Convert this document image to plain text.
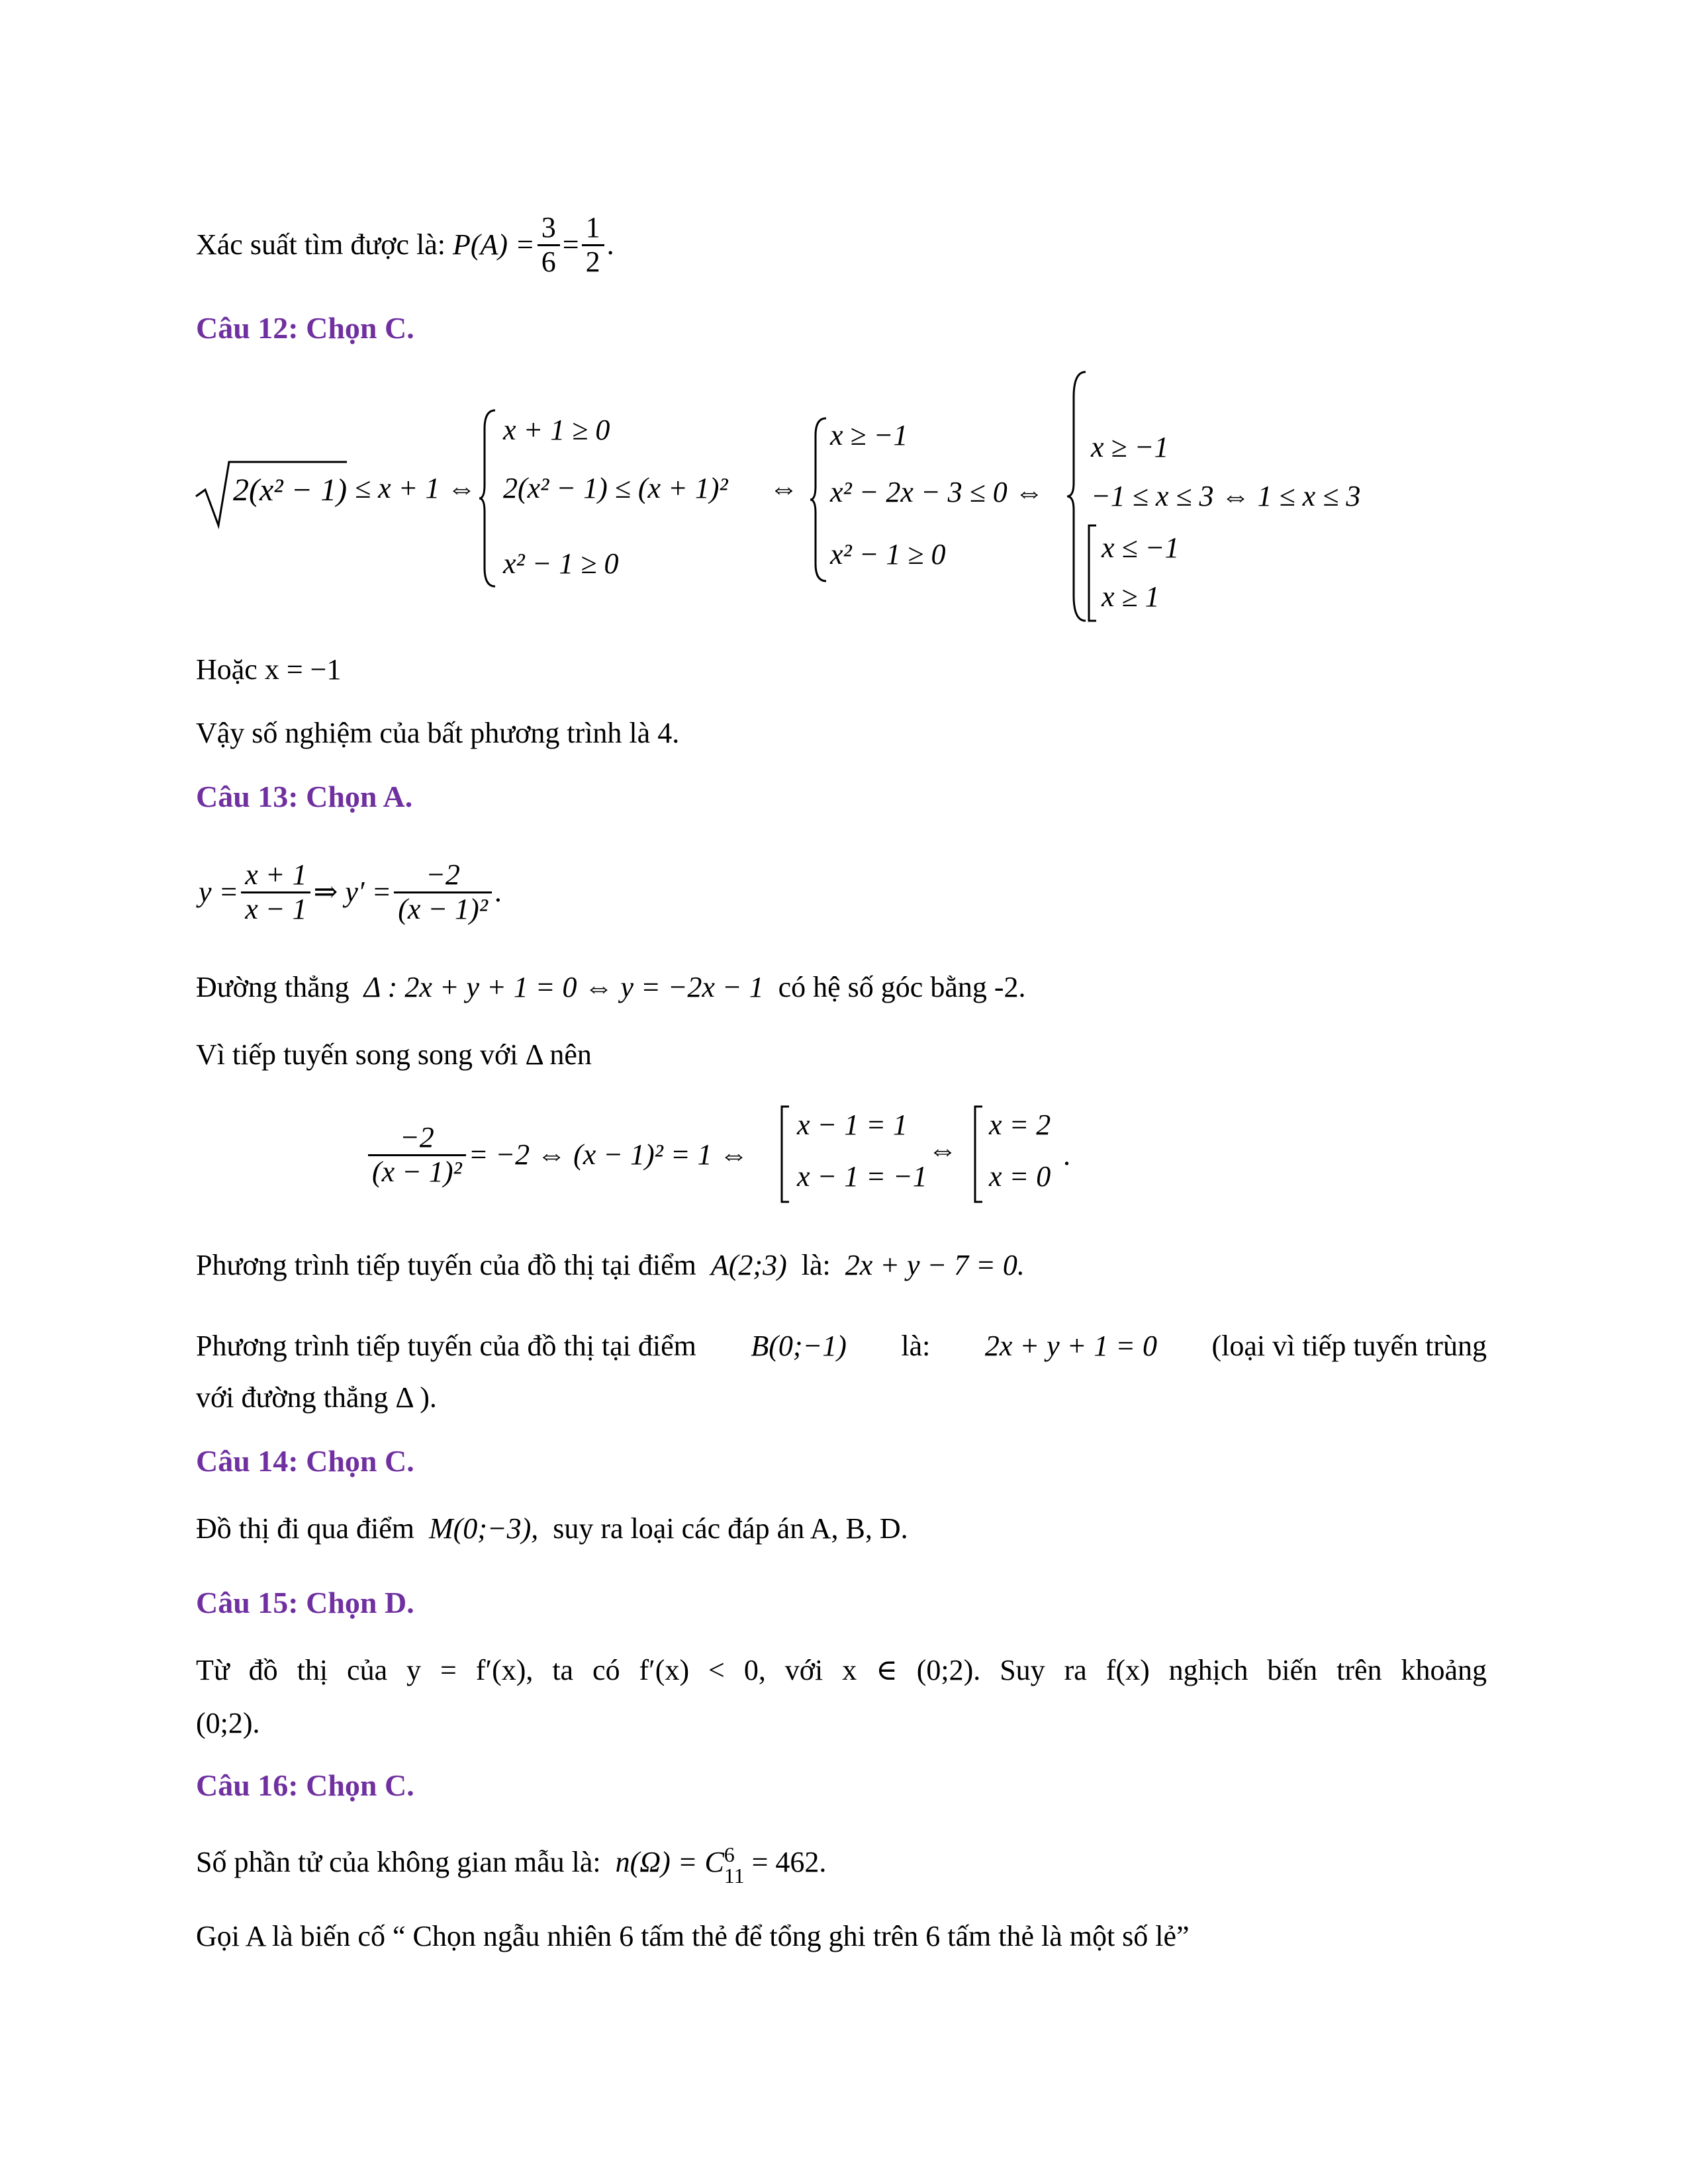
Xác suất tìm được là:
$P(A) = \frac{3}{6} = \frac{1}{2}$ .
Câu 12: Chọn C.
2(x² − 1) ≤ x + 1 ⇔
x + 1 ≥ 0
2(x² − 1) ≤ (x + 1)²
x² − 1 ≥ 0
⇔
x ≥ −1
x² − 2x − 3 ≤ 0 ⇔
x² − 1 ≥ 0
x ≥ −1
−1 ≤ x ≤ 3 ⇔ 1 ≤ x ≤ 3
x ≤ −1
x ≥ 1
Hoặc x = −1
Vậy số nghiệm của bất phương trình là 4.
Câu 13: Chọn A.
$y = \frac{x + 1}{x - 1}$ ⇒ $y' = \frac{-2}{\text{(x − 1)²}}$ .
Đường thẳng Δ : 2x + y + 1 = 0 ⇔ y = −2x − 1 có hệ số góc bằng -2.
Vì tiếp tuyến song song với Δ nên
$\frac{-2}{\text{(x − 1)²}} = -2$ ⇔ (x − 1)² = 1 ⇔
x − 1 = 1
x − 1 = −1
⇔
x = 2
x = 0
.
Phương trình tiếp tuyến của đồ thị tại điểm A(2;3) là: 2x + y − 7 = 0.
Phương trình tiếp tuyến của đồ thị tại điểm B(0;−1) là: 2x + y + 1 = 0 (loại vì tiếp tuyến trùng
với đường thẳng Δ ).
Câu 14: Chọn C.
Đồ thị đi qua điểm M(0;−3), suy ra loại các đáp án A, B, D.
Câu 15: Chọn D.
Từ đồ thị của y = f′(x), ta có f′(x) < 0, với x ∈ (0;2). Suy ra f(x) nghịch biến trên khoảng
(0;2).
Câu 16: Chọn C.
Số phần tử của không gian mẫu là: n(Ω) = C 6
11 = 462.
Gọi A là biến cố “ Chọn ngẫu nhiên 6 tấm thẻ để tổng ghi trên 6 tấm thẻ là một số lẻ”
